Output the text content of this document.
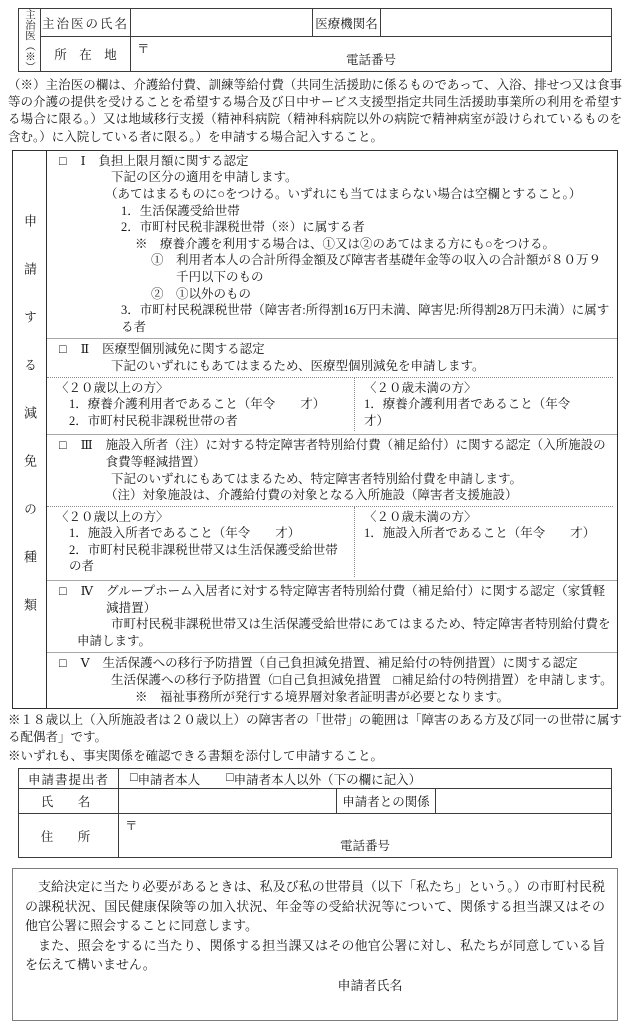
主治医（※） 主治医の氏名	医療機関名
所　在　地	〒
電話番号
（※）主治医の欄は、介護給付費、訓練等給付費（共同生活援助に係るものであって、入浴、排せつ又は食事等の介護の提供を受けることを希望する場合及び日中サービス支援型指定共同生活援助事業所の利用を希望する場合に限る。）又は地域移行支援（精神科病院（精神科病院以外の病院で精神病室が設けられているものを含む。）に入院している者に限る。）を申請する場合記入すること。
申請する減免の種類
□ Ⅰ 負担上限月額に関する認定
下記の区分の適用を申請します。
（あてはまるものに○をつける。いずれにも当てはまらない場合は空欄とすること。）
1．生活保護受給世帯
2．市町村民税非課税世帯（※）に属する者
※　療養介護を利用する場合は、①又は②のあてはまる方にも○をつける。
①　利用者本人の合計所得金額及び障害者基礎年金等の収入の合計額が８０万９千円以下のもの
②　①以外のもの
3．市町村民税課税世帯（障害者:所得割16万円未満、障害児:所得割28万円未満）に属する者
□ Ⅱ 医療型個別減免に関する認定
下記のいずれにもあてはまるため、医療型個別減免を申請します。
〈２０歳以上の方〉
1．療養介護利用者であること（年令　　才）
2．市町村民税非課税世帯の者
〈２０歳未満の方〉
1．療養介護利用者であること（年令　　才）
□ Ⅲ 施設入所者（注）に対する特定障害者特別給付費（補足給付）に関する認定（入所施設の食費等軽減措置）
下記のいずれにもあてはまるため、特定障害者特別給付費を申請します。
（注）対象施設は、介護給付費の対象となる入所施設（障害者支援施設）
〈２０歳以上の方〉
1．施設入所者であること（年令　　才）
2．市町村民税非課税世帯又は生活保護受給世帯の者
〈２０歳未満の方〉
1．施設入所者であること（年令　　才）
□ Ⅳ グループホーム入居者に対する特定障害者特別給付費（補足給付）に関する認定（家賃軽減措置）
市町村民税非課税世帯又は生活保護受給世帯にあてはまるため、特定障害者特別給付費を申請します。
□ Ⅴ 生活保護への移行予防措置（自己負担減免措置、補足給付の特例措置）に関する認定
生活保護への移行予防措置（□自己負担減免措置　□補足給付の特例措置）を申請します。
※　福祉事務所が発行する境界層対象者証明書が必要となります。
※１８歳以上（入所施設者は２０歳以上）の障害者の「世帯」の範囲は「障害のある方及び同一の世帯に属する配偶者」です。
※いずれも、事実関係を確認できる書類を添付して申請すること。
申請書提出者	□ 申請者本人 □ 申請者本人以外（下の欄に記入）
氏　名	申請者との関係
住　所
〒
電話番号
支給決定に当たり必要があるときは、私及び私の世帯員（以下「私たち」という。）の市町村民税の課税状況、国民健康保険等の加入状況、年金等の受給状況等について、関係する担当課又はその他官公署に照会することに同意します。
また、照会をするに当たり、関係する担当課又はその他官公署に対し、私たちが同意している旨を伝えて構いません。
申請者氏名
